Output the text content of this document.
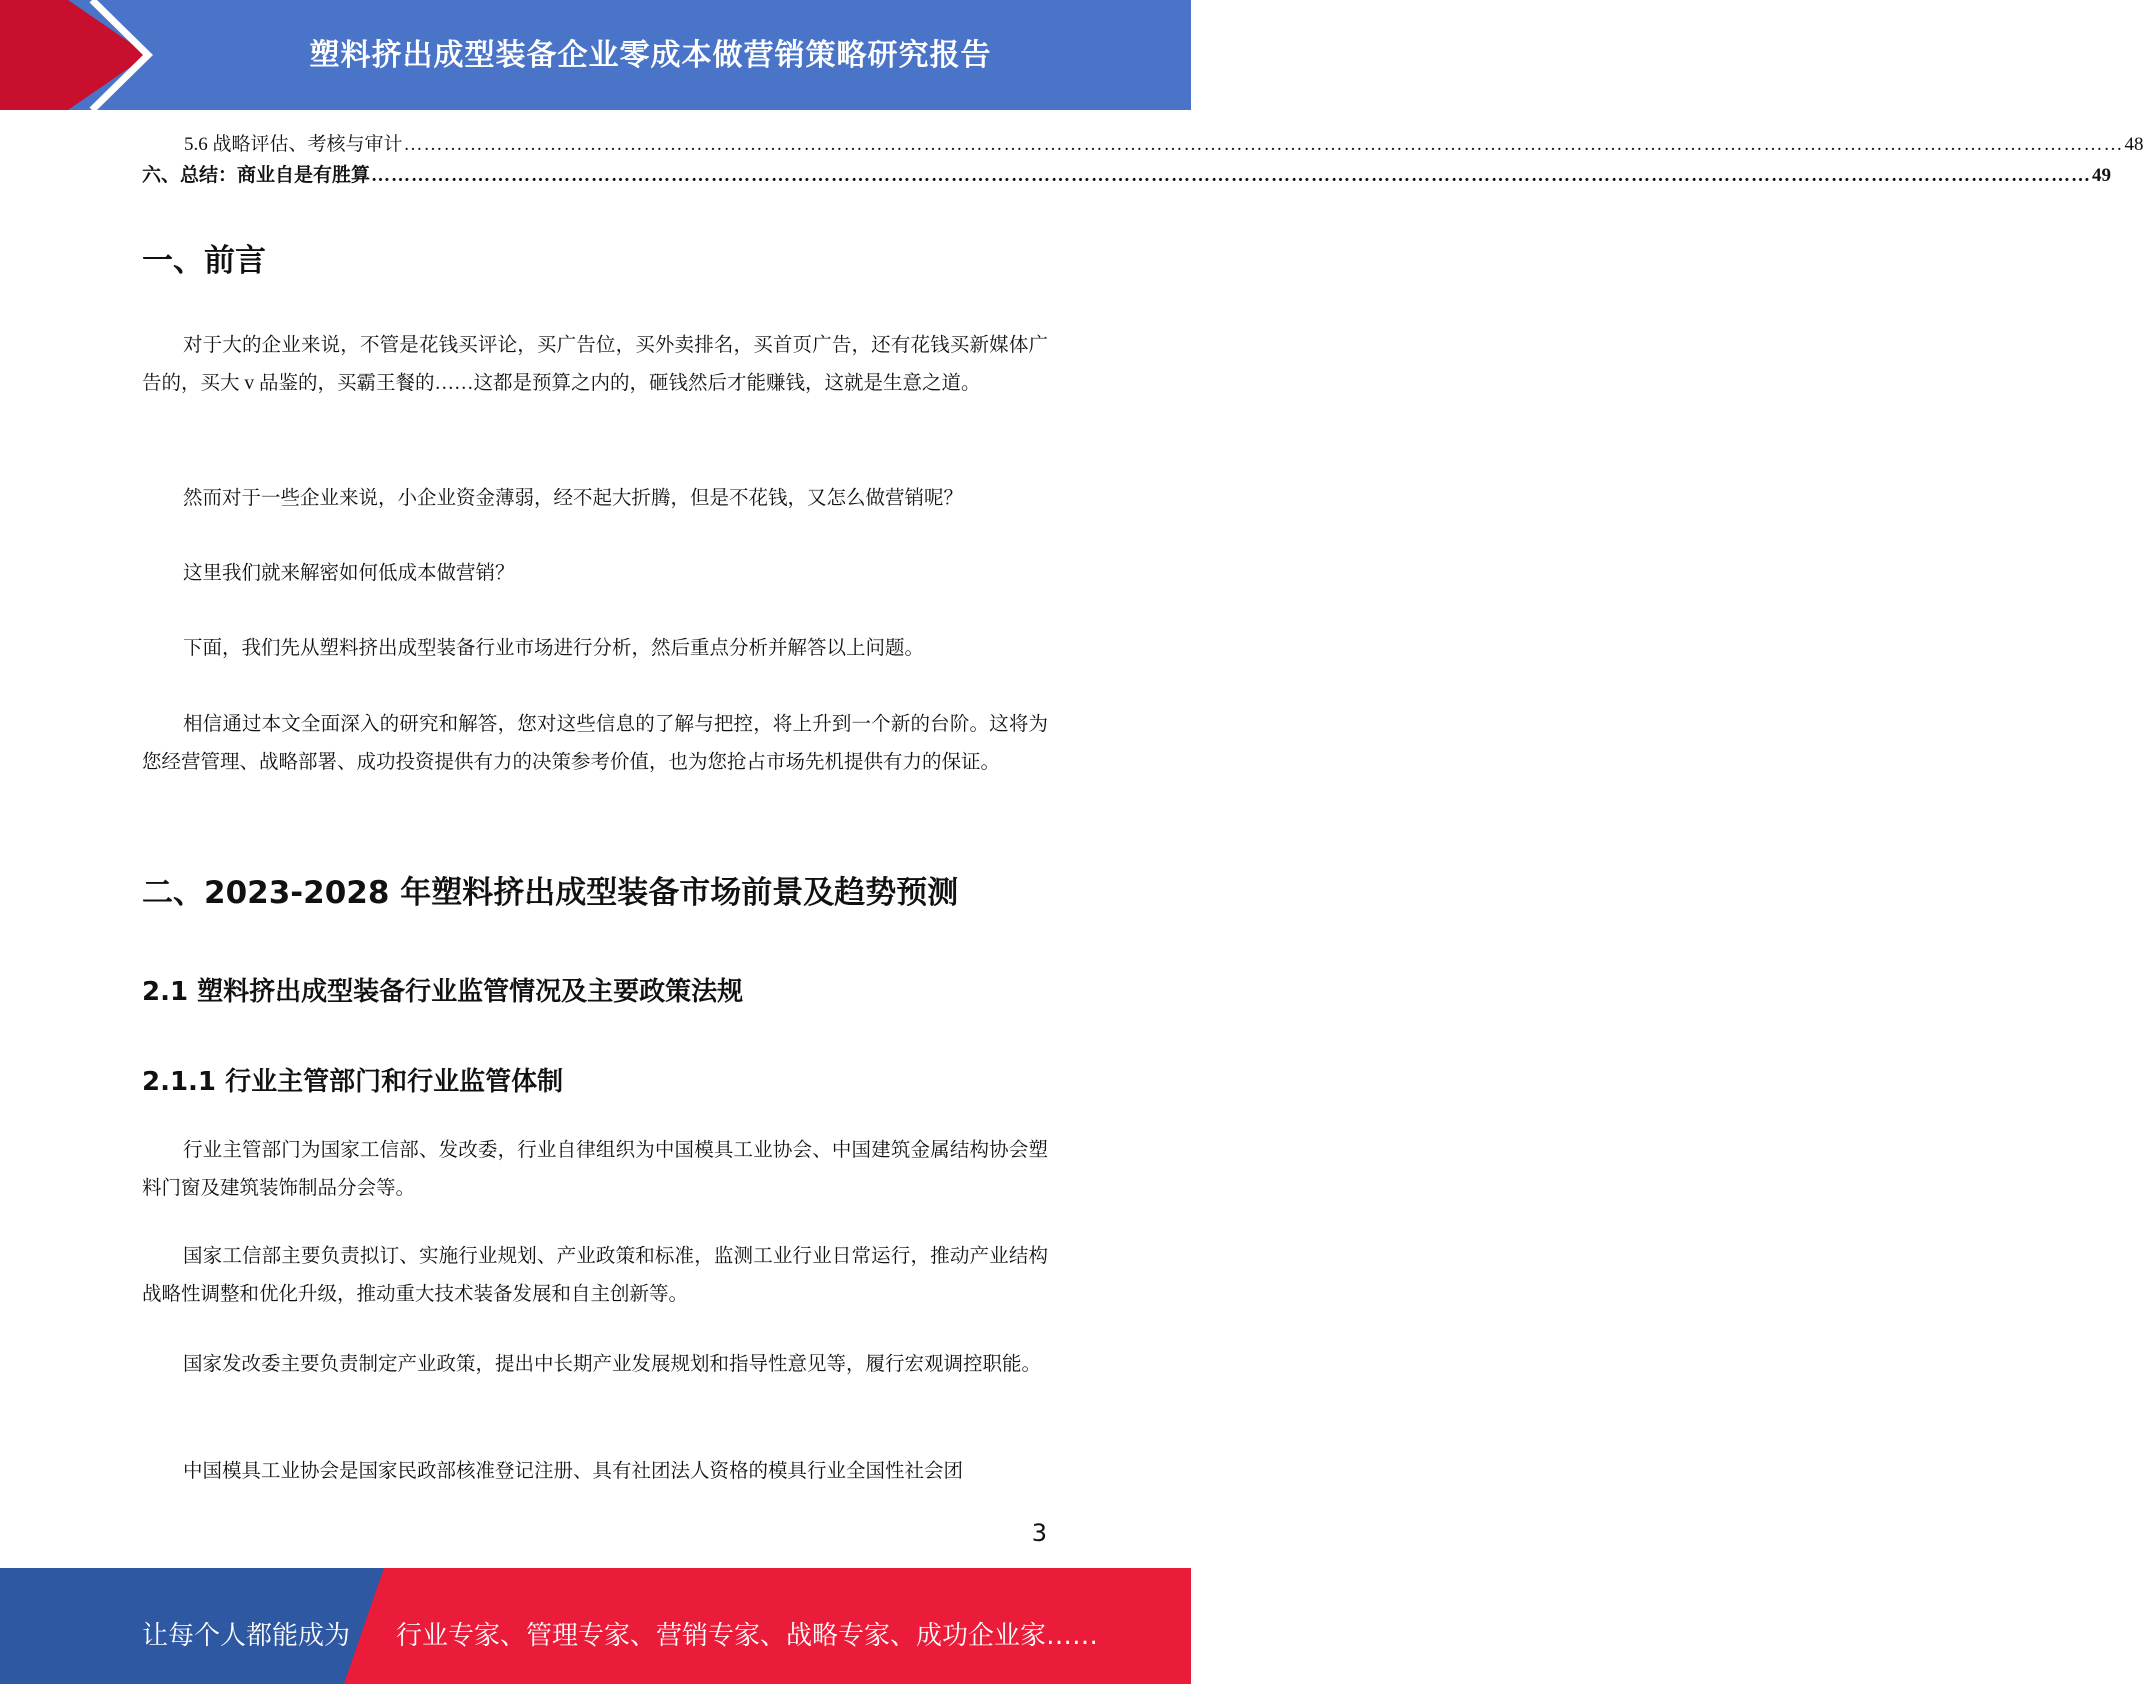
塑料挤出成型装备企业零成本做营销策略研究报告
5.6 战略评估、考核与审计 …………………………………………………………………………………………………………………………………………………………………………………………………………………………………… 48
六、总结：商业自是有胜算 …………………………………………………………………………………………………………………………………………………………………………………………………………………………………… 49
一、前言

对于大的企业来说，不管是花钱买评论，买广告位，买外卖排名，买首页广告，还有花钱买新媒体广告的，买大 v 品鉴的，买霸王餐的……这都是预算之内的，砸钱然后才能赚钱，这就是生意之道。

然而对于一些企业来说，小企业资金薄弱，经不起大折腾，但是不花钱，又怎么做营销呢？

这里我们就来解密如何低成本做营销？

下面，我们先从塑料挤出成型装备行业市场进行分析，然后重点分析并解答以上问题。

相信通过本文全面深入的研究和解答，您对这些信息的了解与把控，将上升到一个新的台阶。这将为您经营管理、战略部署、成功投资提供有力的决策参考价值，也为您抢占市场先机提供有力的保证。

二、2023-2028 年塑料挤出成型装备市场前景及趋势预测
2.1 塑料挤出成型装备行业监管情况及主要政策法规
2.1.1 行业主管部门和行业监管体制

行业主管部门为国家工信部、发改委，行业自律组织为中国模具工业协会、中国建筑金属结构协会塑料门窗及建筑装饰制品分会等。

国家工信部主要负责拟订、实施行业规划、产业政策和标准，监测工业行业日常运行，推动产业结构战略性调整和优化升级，推动重大技术装备发展和自主创新等。

国家发改委主要负责制定产业政策，提出中长期产业发展规划和指导性意见等，履行宏观调控职能。

中国模具工业协会是国家民政部核准登记注册、具有社团法人资格的模具行业全国性社会团

3
让每个人都能成为 行业专家、管理专家、营销专家、战略专家、成功企业家……
